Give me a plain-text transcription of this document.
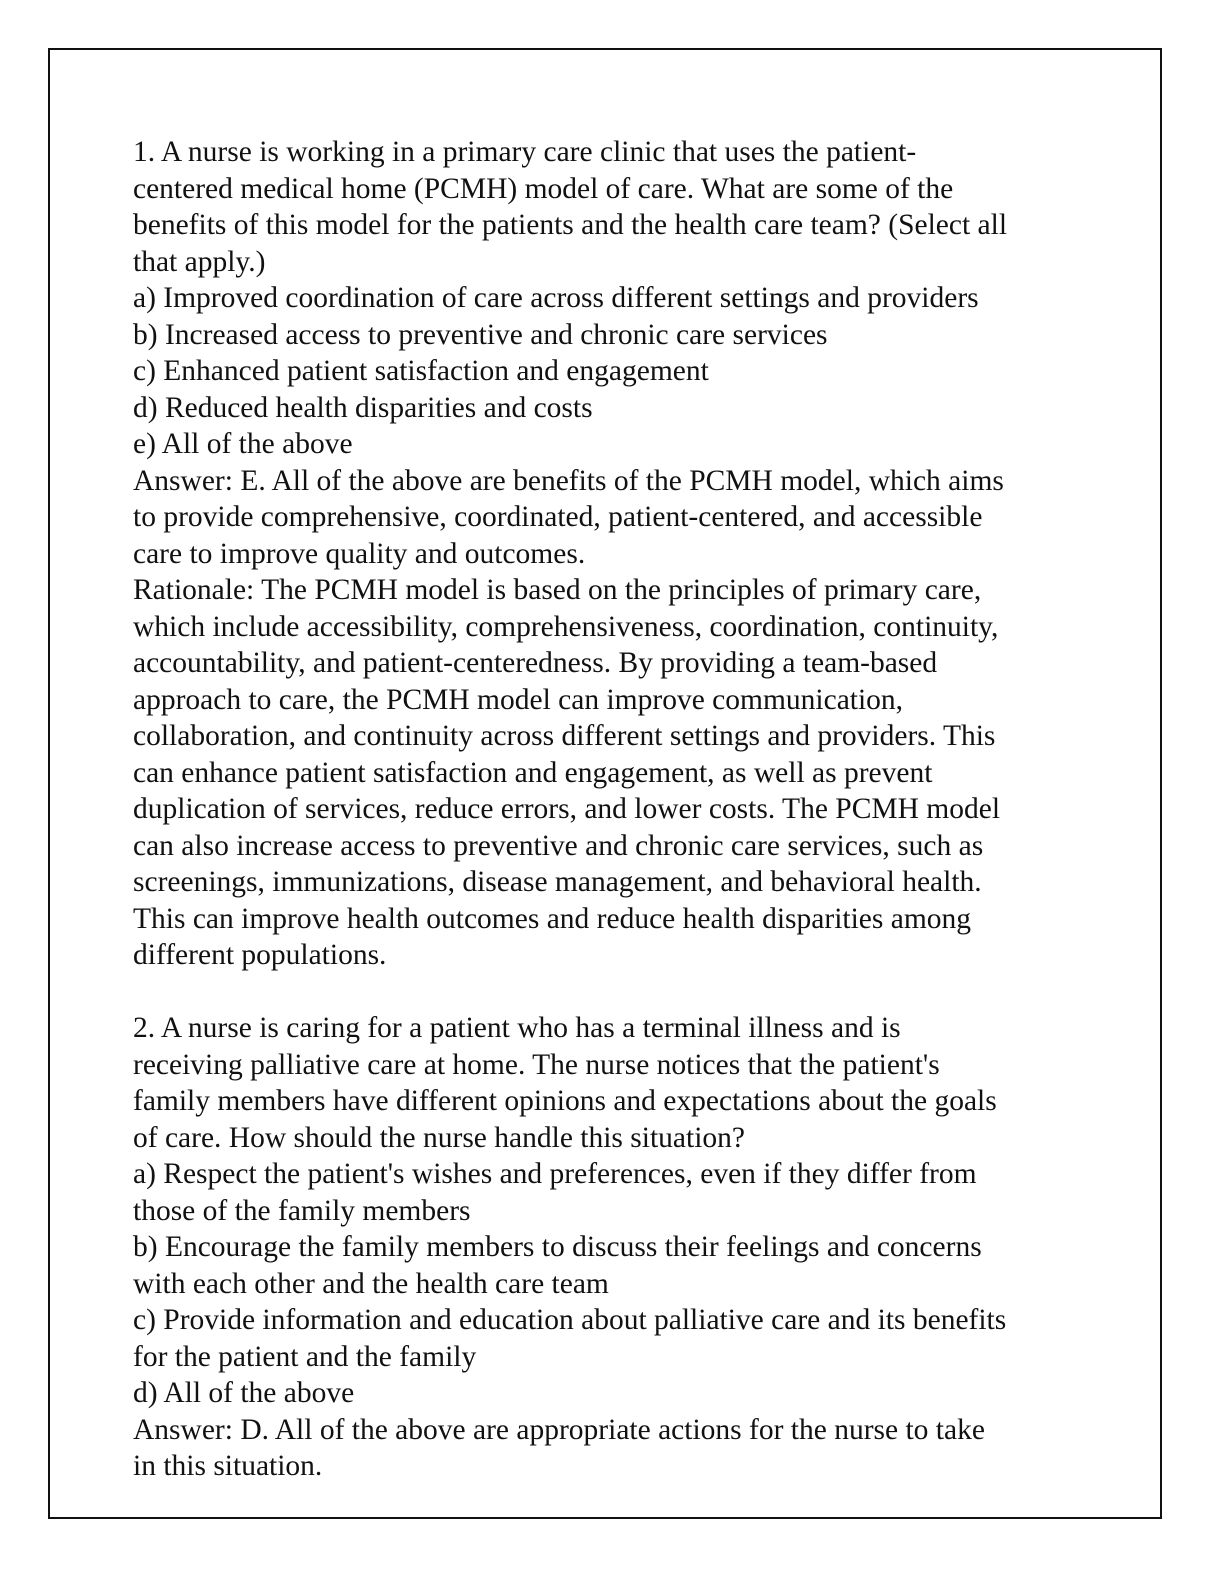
1. A nurse is working in a primary care clinic that uses the patient-
centered medical home (PCMH) model of care. What are some of the
benefits of this model for the patients and the health care team? (Select all
that apply.)
a) Improved coordination of care across different settings and providers
b) Increased access to preventive and chronic care services
c) Enhanced patient satisfaction and engagement
d) Reduced health disparities and costs
e) All of the above
Answer: E. All of the above are benefits of the PCMH model, which aims
to provide comprehensive, coordinated, patient-centered, and accessible
care to improve quality and outcomes.
Rationale: The PCMH model is based on the principles of primary care,
which include accessibility, comprehensiveness, coordination, continuity,
accountability, and patient-centeredness. By providing a team-based
approach to care, the PCMH model can improve communication,
collaboration, and continuity across different settings and providers. This
can enhance patient satisfaction and engagement, as well as prevent
duplication of services, reduce errors, and lower costs. The PCMH model
can also increase access to preventive and chronic care services, such as
screenings, immunizations, disease management, and behavioral health.
This can improve health outcomes and reduce health disparities among
different populations.
2. A nurse is caring for a patient who has a terminal illness and is
receiving palliative care at home. The nurse notices that the patient's
family members have different opinions and expectations about the goals
of care. How should the nurse handle this situation?
a) Respect the patient's wishes and preferences, even if they differ from
those of the family members
b) Encourage the family members to discuss their feelings and concerns
with each other and the health care team
c) Provide information and education about palliative care and its benefits
for the patient and the family
d) All of the above
Answer: D. All of the above are appropriate actions for the nurse to take
in this situation.
